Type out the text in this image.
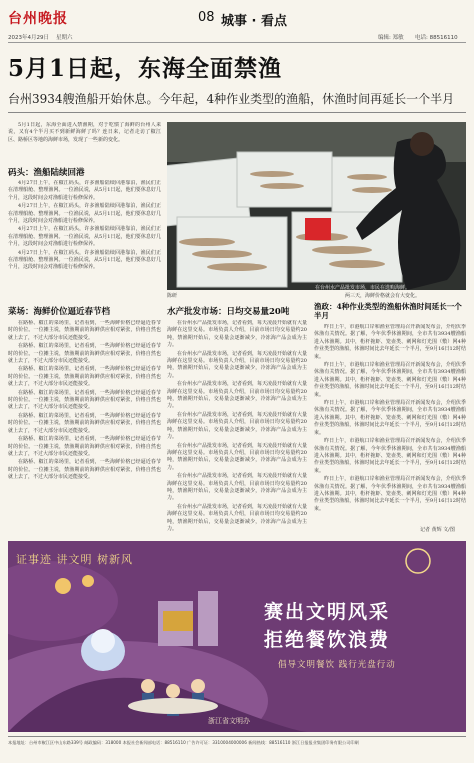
台州晚报	08 城事 · 看点
2023年4月29日 星期六	编辑: 郑敏 电话: 88516110
5月1日起，东海全面禁渔
台州3934艘渔船开始休息。今年起，4种作业类型的渔船，休渔时间再延长一个半月

5月1日起，东海全面进入禁渔期，对于吃惯了海鲜的台州人来说，又有4个半月买不到新鲜海鲜了吗？连日来，记者走访了椒江区、路桥区等地的海鲜市场，发现了一些新的变化。

码头：渔船陆续回港

4月27日上午，在椒江码头，许多渔船陆续回港靠泊，渔民们正在清理船舱、整理渔网。一位渔民说，从5月1日起，他们要休息好几个月，这段时间会对渔船进行检修保养。

4月27日上午，在椒江码头，许多渔船陆续回港靠泊，渔民们正在清理船舱、整理渔网。一位渔民说，从5月1日起，他们要休息好几个月，这段时间会对渔船进行检修保养。

4月27日上午，在椒江码头，许多渔船陆续回港靠泊，渔民们正在清理船舱、整理渔网。一位渔民说，从5月1日起，他们要休息好几个月，这段时间会对渔船进行检修保养。

4月27日上午，在椒江码头，许多渔船陆续回港靠泊，渔民们正在清理船舱、整理渔网。一位渔民说，从5月1日起，他们要休息好几个月，这段时间会对渔船进行检修保养。

陈研
在台州水产品批发市场，市民在选购海鲜。
两三天，海鲜价格就会有大变化。
菜场：海鲜价位逼近春节档

在路桥、椒江的菜场里，记者看到，一些海鲜价格已经逼近春节时的价位。一位摊主说，禁渔期前的海鲜供应相对紧张，价格自然也就上去了，不过大部分市民还能接受。

在路桥、椒江的菜场里，记者看到，一些海鲜价格已经逼近春节时的价位。一位摊主说，禁渔期前的海鲜供应相对紧张，价格自然也就上去了，不过大部分市民还能接受。

在路桥、椒江的菜场里，记者看到，一些海鲜价格已经逼近春节时的价位。一位摊主说，禁渔期前的海鲜供应相对紧张，价格自然也就上去了，不过大部分市民还能接受。

在路桥、椒江的菜场里，记者看到，一些海鲜价格已经逼近春节时的价位。一位摊主说，禁渔期前的海鲜供应相对紧张，价格自然也就上去了，不过大部分市民还能接受。

在路桥、椒江的菜场里，记者看到，一些海鲜价格已经逼近春节时的价位。一位摊主说，禁渔期前的海鲜供应相对紧张，价格自然也就上去了，不过大部分市民还能接受。

在路桥、椒江的菜场里，记者看到，一些海鲜价格已经逼近春节时的价位。一位摊主说，禁渔期前的海鲜供应相对紧张，价格自然也就上去了，不过大部分市民还能接受。

在路桥、椒江的菜场里，记者看到，一些海鲜价格已经逼近春节时的价位。一位摊主说，禁渔期前的海鲜供应相对紧张，价格自然也就上去了，不过大部分市民还能接受。

水产批发市场：日均交易量20吨

在台州水产品批发市场，记者看到，每天凌晨开始就有大量海鲜在这里交易。市场负责人介绍，目前市场日均交易量约20吨，禁渔期开始后，交易量会逐渐减少，冷冻海产品会成为主力。

在台州水产品批发市场，记者看到，每天凌晨开始就有大量海鲜在这里交易。市场负责人介绍，目前市场日均交易量约20吨，禁渔期开始后，交易量会逐渐减少，冷冻海产品会成为主力。

在台州水产品批发市场，记者看到，每天凌晨开始就有大量海鲜在这里交易。市场负责人介绍，目前市场日均交易量约20吨，禁渔期开始后，交易量会逐渐减少，冷冻海产品会成为主力。

在台州水产品批发市场，记者看到，每天凌晨开始就有大量海鲜在这里交易。市场负责人介绍，目前市场日均交易量约20吨，禁渔期开始后，交易量会逐渐减少，冷冻海产品会成为主力。

在台州水产品批发市场，记者看到，每天凌晨开始就有大量海鲜在这里交易。市场负责人介绍，目前市场日均交易量约20吨，禁渔期开始后，交易量会逐渐减少，冷冻海产品会成为主力。

在台州水产品批发市场，记者看到，每天凌晨开始就有大量海鲜在这里交易。市场负责人介绍，目前市场日均交易量约20吨，禁渔期开始后，交易量会逐渐减少，冷冻海产品会成为主力。

在台州水产品批发市场，记者看到，每天凌晨开始就有大量海鲜在这里交易。市场负责人介绍，目前市场日均交易量约20吨，禁渔期开始后，交易量会逐渐减少，冷冻海产品会成为主力。

渔政：4种作业类型的渔船休渔时间延长一个半月

昨日上午，市港航口岸和渔业管理局召开新闻发布会，介绍伏季休渔有关情况。据了解，今年伏季休渔期间，全市共有3934艘渔船进入休渔期。其中，桁杆拖虾、笼壶类、刺网和灯光围（敷）网4种作业类型的渔船，休渔时间比去年延长一个半月，至9月16日12时结束。

昨日上午，市港航口岸和渔业管理局召开新闻发布会，介绍伏季休渔有关情况。据了解，今年伏季休渔期间，全市共有3934艘渔船进入休渔期。其中，桁杆拖虾、笼壶类、刺网和灯光围（敷）网4种作业类型的渔船，休渔时间比去年延长一个半月，至9月16日12时结束。

昨日上午，市港航口岸和渔业管理局召开新闻发布会，介绍伏季休渔有关情况。据了解，今年伏季休渔期间，全市共有3934艘渔船进入休渔期。其中，桁杆拖虾、笼壶类、刺网和灯光围（敷）网4种作业类型的渔船，休渔时间比去年延长一个半月，至9月16日12时结束。

昨日上午，市港航口岸和渔业管理局召开新闻发布会，介绍伏季休渔有关情况。据了解，今年伏季休渔期间，全市共有3934艘渔船进入休渔期。其中，桁杆拖虾、笼壶类、刺网和灯光围（敷）网4种作业类型的渔船，休渔时间比去年延长一个半月，至9月16日12时结束。

昨日上午，市港航口岸和渔业管理局召开新闻发布会，介绍伏季休渔有关情况。据了解，今年伏季休渔期间，全市共有3934艘渔船进入休渔期。其中，桁杆拖虾、笼壶类、刺网和灯光围（敷）网4种作业类型的渔船，休渔时间比去年延长一个半月，至9月16日12时结束。

记者 黄辉 文/图
证事迹 讲文明 树新风
赛出文明风采
拒绝餐饮浪费
倡导文明餐饮 践行光盘行动
浙江省文明办
本报地址：台州市椒江区中山东路339号 邮政编码：318000 本报社会新闻部电话：88516110 广告许可证：3310004000006 新闻热线：88516110 浙江日报报业集团印务有限公司印刷
